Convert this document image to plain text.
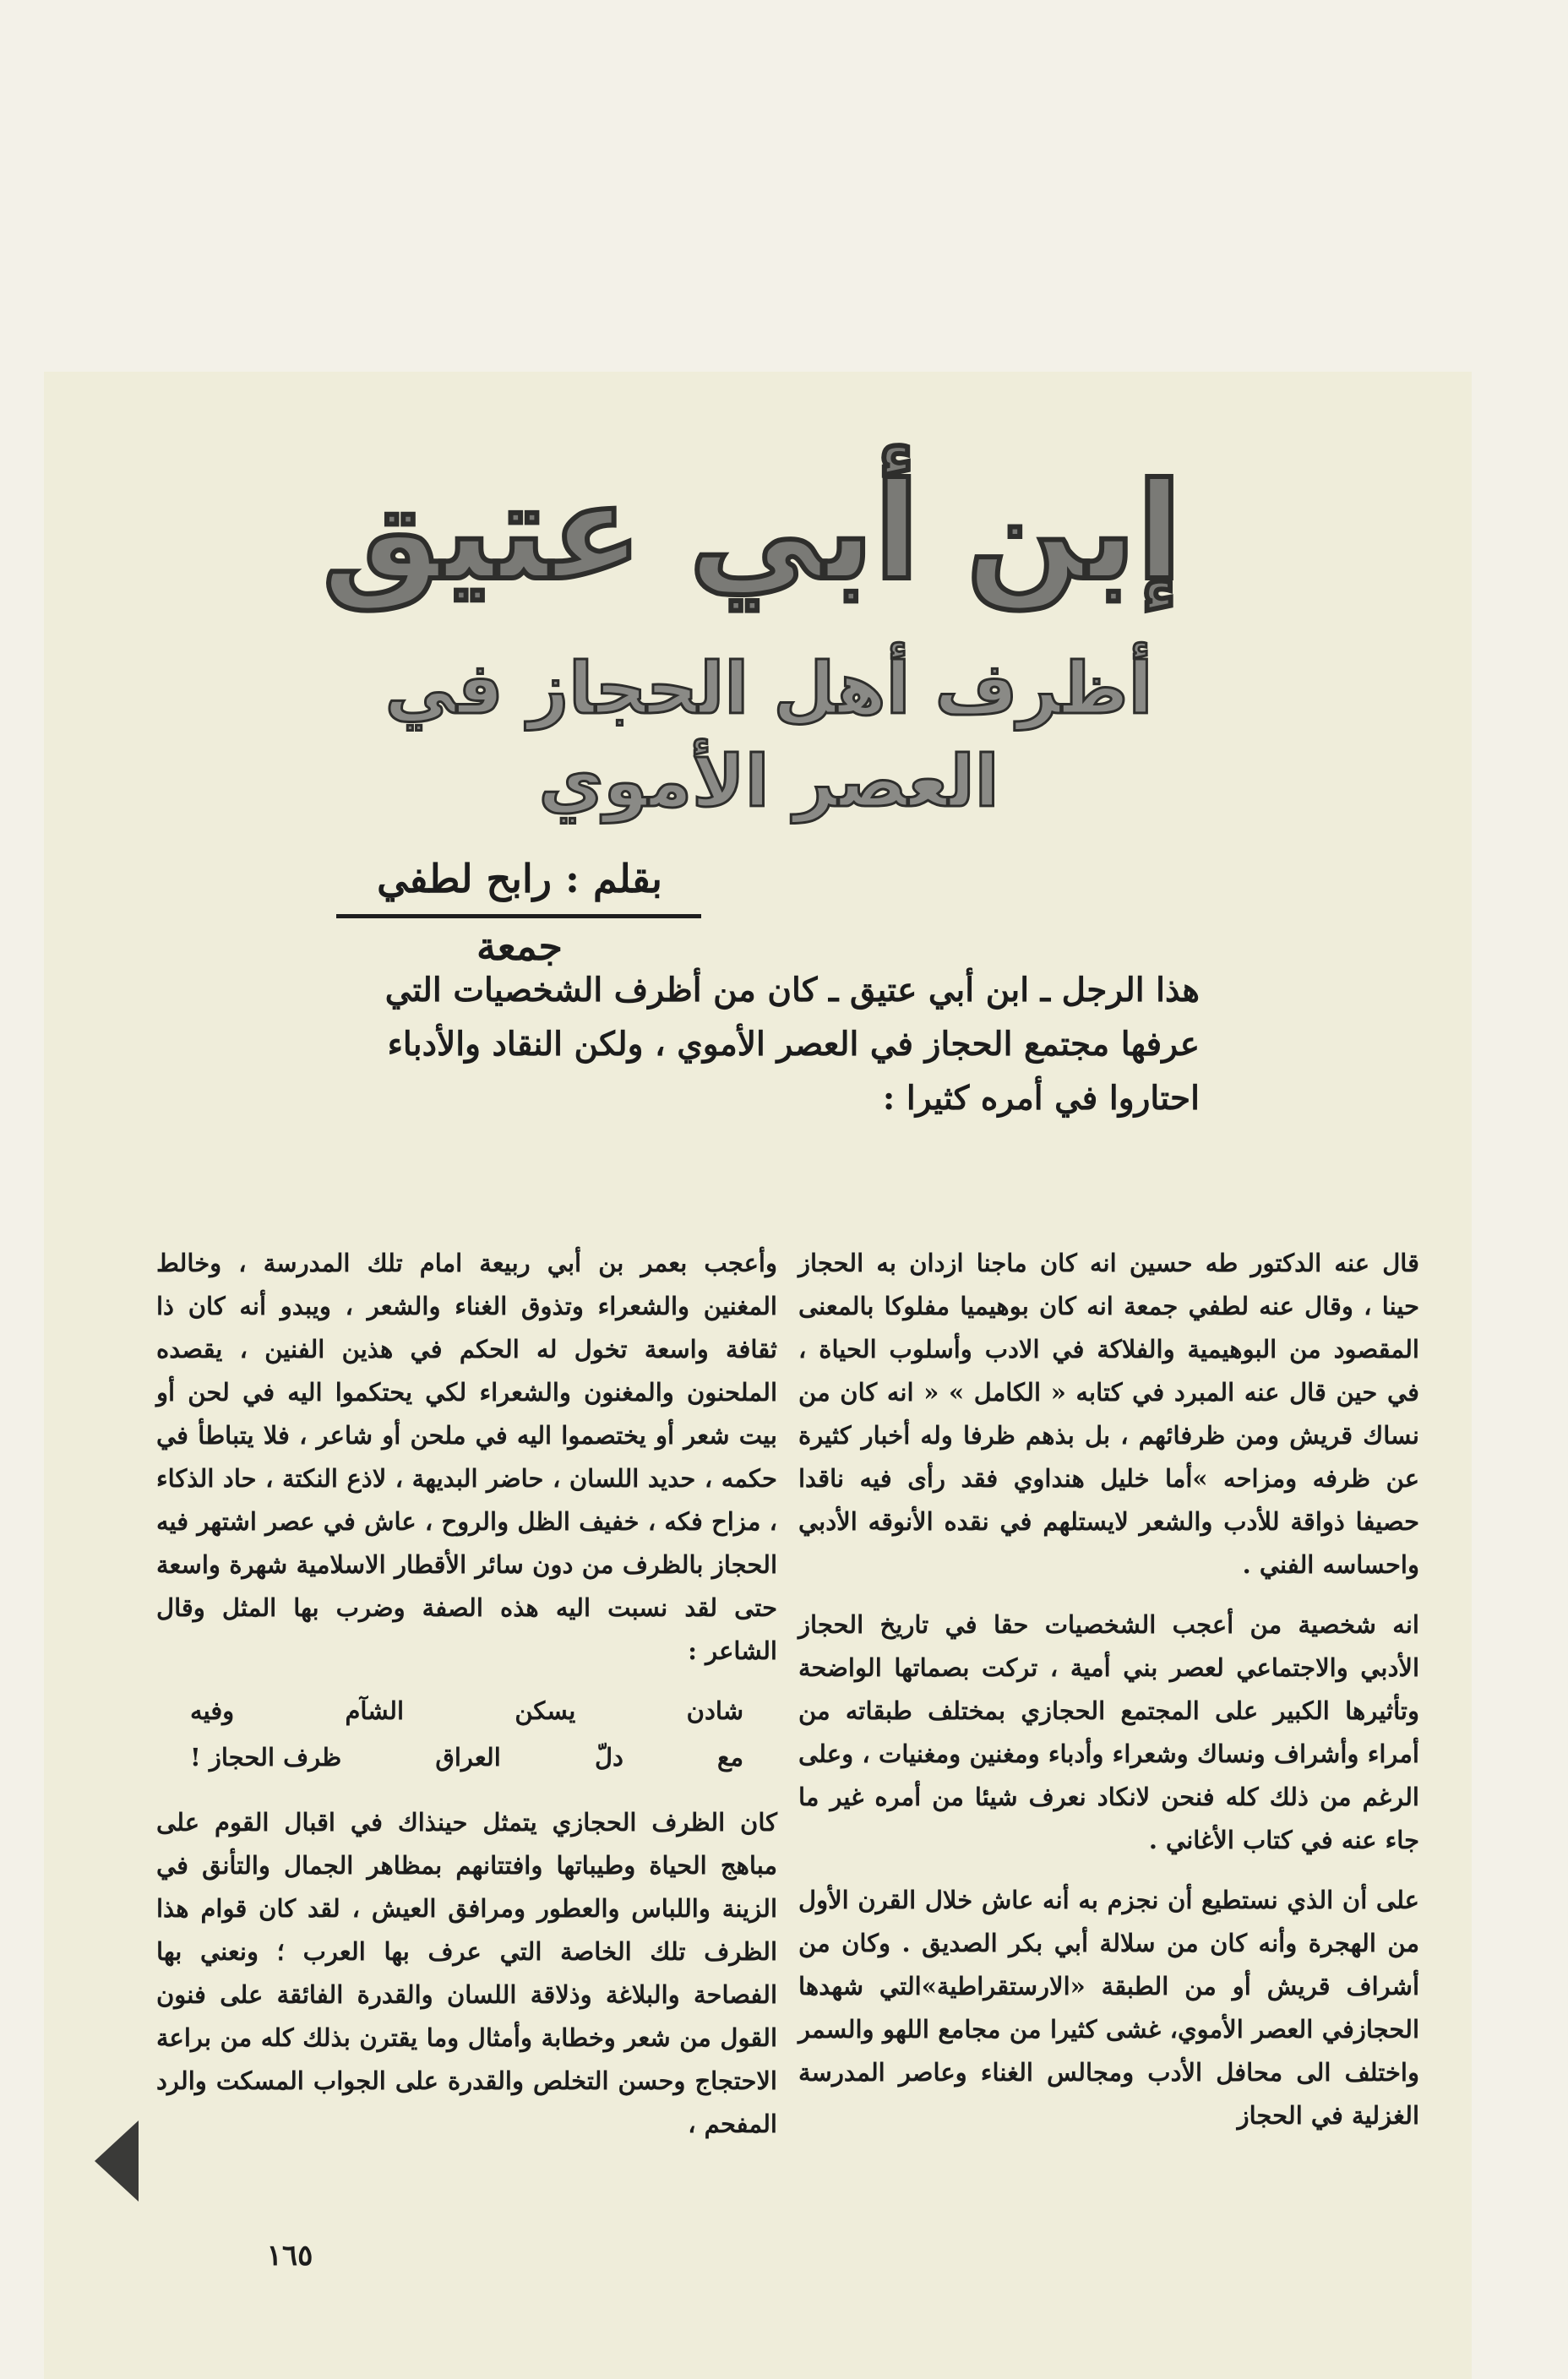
إبن أبي عتيق
أظرف أهل الحجاز في العصر الأموي
بقلم : رابح لطفي جمعة
هذا الرجل ـ ابن أبي عتيق ـ كان من أظرف الشخصيات التي عرفها مجتمع الحجاز في العصر الأموي ، ولكن النقاد والأدباء احتاروا في أمره كثيرا :

قال عنه الدكتور طه حسين انه كان ماجنا ازدان به الحجاز حينا ، وقال عنه لطفي جمعة انه كان بوهيميا مفلوكا بالمعنى المقصود من البوهيمية والفلاكة في الادب وأسلوب الحياة ، في حين قال عنه المبرد في كتابه « الكامل » « انه كان من نساك قريش ومن ظرفائهم ، بل بذهم ظرفا وله أخبار كثيرة عن ظرفه ومزاحه »أما خليل هنداوي فقد رأى فيه ناقدا حصيفا ذواقة للأدب والشعر لايستلهم في نقده الأنوقه الأدبي واحساسه الفني .

انه شخصية من أعجب الشخصيات حقا في تاريخ الحجاز الأدبي والاجتماعي لعصر بني أمية ، تركت بصماتها الواضحة وتأثيرها الكبير على المجتمع الحجازي بمختلف طبقاته من أمراء وأشراف ونساك وشعراء وأدباء ومغنين ومغنيات ، وعلى الرغم من ذلك كله فنحن لانكاد نعرف شيئا من أمره غير ما جاء عنه في كتاب الأغاني .

على أن الذي نستطيع أن نجزم به أنه عاش خلال القرن الأول من الهجرة وأنه كان من سلالة أبي بكر الصديق . وكان من أشراف قريش أو من الطبقة «الارستقراطية»التي شهدها الحجازفي العصر الأموي، غشى كثيرا من مجامع اللهو والسمر واختلف الى محافل الأدب ومجالس الغناء وعاصر المدرسة الغزلية في الحجاز

وأعجب بعمر بن أبي ربيعة امام تلك المدرسة ، وخالط المغنين والشعراء وتذوق الغناء والشعر ، ويبدو أنه كان ذا ثقافة واسعة تخول له الحكم في هذين الفنين ، يقصده الملحنون والمغنون والشعراء لكي يحتكموا اليه في لحن أو بيت شعر أو يختصموا اليه في ملحن أو شاعر ، فلا يتباطأ في حكمه ، حديد اللسان ، حاضر البديهة ، لاذع النكتة ، حاد الذكاء ، مزاح فكه ، خفيف الظل والروح ، عاش في عصر اشتهر فيه الحجاز بالظرف من دون سائر الأقطار الاسلامية شهرة واسعة حتى لقد نسبت اليه هذه الصفة وضرب بها المثل وقال الشاعر :

شادن
يسكن
الشآم
وفيه
مع
دلّ
العراق
ظرف الحجاز !

كان الظرف الحجازي يتمثل حينذاك في اقبال القوم على مباهج الحياة وطيباتها وافتتانهم بمظاهر الجمال والتأنق في الزينة واللباس والعطور ومرافق العيش ، لقد كان قوام هذا الظرف تلك الخاصة التي عرف بها العرب ؛ ونعني بها الفصاحة والبلاغة وذلاقة اللسان والقدرة الفائقة على فنون القول من شعر وخطابة وأمثال وما يقترن بذلك كله من براعة الاحتجاج وحسن التخلص والقدرة على الجواب المسكت والرد المفحم ،

١٦٥
